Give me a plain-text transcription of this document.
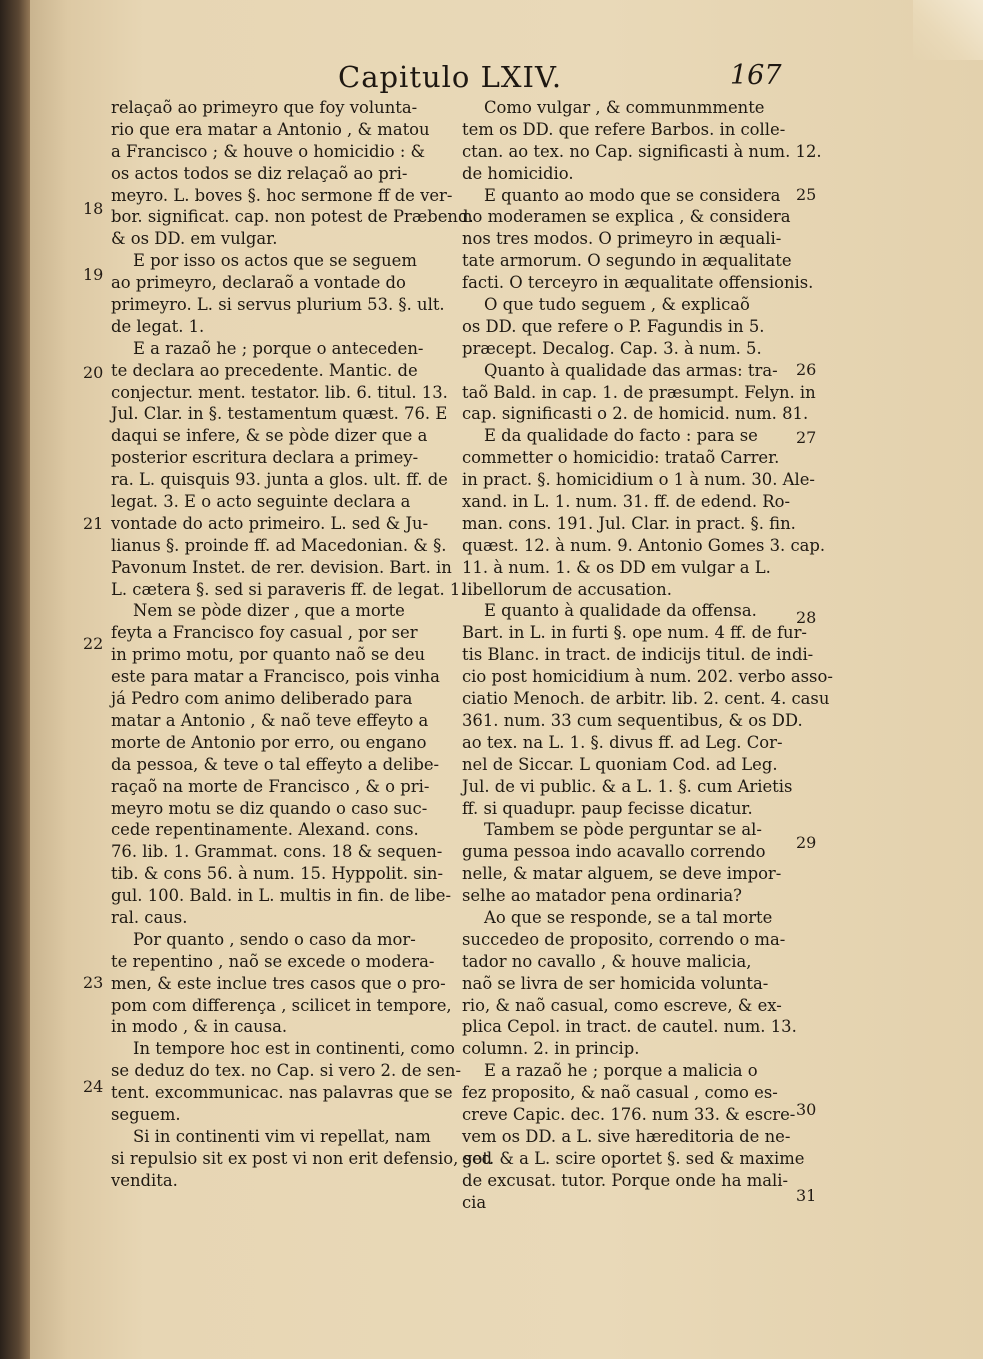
Capitulo LXIV.	167
relaçaõ ao primeyro que foy volunta-
rio que era matar a Antonio , & matou
a Francisco ; & houve o homicidio : &
os actos todos se diz relaçaõ ao pri-
meyro. L. boves §. hoc sermone ff de ver-
bor. significat. cap. non potest de Præbend.
& os DD. em vulgar.
E por isso os actos que se seguem
ao primeyro, declaraõ a vontade do
primeyro. L. si servus plurium 53. §. ult.
de legat. 1.
E a razaõ he ; porque o anteceden-
te declara ao precedente. Mantic. de
conjectur. ment. testator. lib. 6. titul. 13.
Jul. Clar. in §. testamentum quæst. 76. E
daqui se infere, & se pòde dizer que a
posterior escritura declara a primey-
ra. L. quisquis 93. junta a glos. ult. ff. de
legat. 3. E o acto seguinte declara a
vontade do acto primeiro. L. sed & Ju-
lianus §. proinde ff. ad Macedonian. & §.
Pavonum Instet. de rer. devision. Bart. in
L. cætera §. sed si paraveris ff. de legat. 1.
Nem se pòde dizer , que a morte
feyta a Francisco foy casual , por ser
in primo motu, por quanto naõ se deu
este para matar a Francisco, pois vinha
já Pedro com animo deliberado para
matar a Antonio , & naõ teve effeyto a
morte de Antonio por erro, ou engano
da pessoa, & teve o tal effeyto a delibe-
raçaõ na morte de Francisco , & o pri-
meyro motu se diz quando o caso suc-
cede repentinamente. Alexand. cons.
76. lib. 1. Grammat. cons. 18 & sequen-
tib. & cons 56. à num. 15. Hyppolit. sin-
gul. 100. Bald. in L. multis in fin. de libe-
ral. caus.
Por quanto , sendo o caso da mor-
te repentino , naõ se excede o modera-
men, & este inclue tres casos que o pro-
pom com differença , scilicet in tempore,
in modo , & in causa.
In tempore hoc est in continenti, como
se deduz do tex. no Cap. si vero 2. de sen-
tent. excommunicac. nas palavras que se
seguem.
Si in continenti vim vi repellat, nam
si repulsio sit ex post vi non erit defensio, sed
vendita.
Como vulgar , & communmmente
tem os DD. que refere Barbos. in colle-
ctan. ao tex. no Cap. significasti à num. 12.
de homicidio.
E quanto ao modo que se considera
no moderamen se explica , & considera
nos tres modos. O primeyro in æquali-
tate armorum. O segundo in æqualitate
facti. O terceyro in æqualitate offensionis.
O que tudo seguem , & explicaõ
os DD. que refere o P. Fagundis in 5.
præcept. Decalog. Cap. 3. à num. 5.
Quanto à qualidade das armas: tra-
taõ Bald. in cap. 1. de præsumpt. Felyn. in
cap. significasti o 2. de homicid. num. 81.
E da qualidade do facto : para se
commetter o homicidio: trataõ Carrer.
in pract. §. homicidium o 1 à num. 30. Ale-
xand. in L. 1. num. 31. ff. de edend. Ro-
man. cons. 191. Jul. Clar. in pract. §. fin.
quæst. 12. à num. 9. Antonio Gomes 3. cap.
11. à num. 1. & os DD em vulgar a L.
libellorum de accusation.
E quanto à qualidade da offensa.
Bart. in L. in furti §. ope num. 4 ff. de fur-
tis Blanc. in tract. de indicijs titul. de indi-
cio post homicidium à num. 202. verbo asso-
ciatio Menoch. de arbitr. lib. 2. cent. 4. casu
361. num. 33 cum sequentibus, & os DD.
ao tex. na L. 1. §. divus ff. ad Leg. Cor-
nel de Siccar. L quoniam Cod. ad Leg.
Jul. de vi public. & a L. 1. §. cum Arietis
ff. si quadupr. paup fecisse dicatur.
Tambem se pòde perguntar se al-
guma pessoa indo acavallo correndo
nelle, & matar alguem, se deve impor-
selhe ao matador pena ordinaria?
Ao que se responde, se a tal morte
succedeo de proposito, correndo o ma-
tador no cavallo , & houve malicia,
naõ se livra de ser homicida volunta-
rio, & naõ casual, como escreve, & ex-
plica Cepol. in tract. de cautel. num. 13.
column. 2. in princip.
E a razaõ he ; porque a malicia o
fez proposito, & naõ casual , como es-
creve Capic. dec. 176. num 33. & escre-
vem os DD. a L. sive hæreditoria de ne-
got. & a L. scire oportet §. sed & maxime
de excusat. tutor. Porque onde ha mali-
cia
18
19
20
21
22
23
24
25
26
27
28
29
30
31
